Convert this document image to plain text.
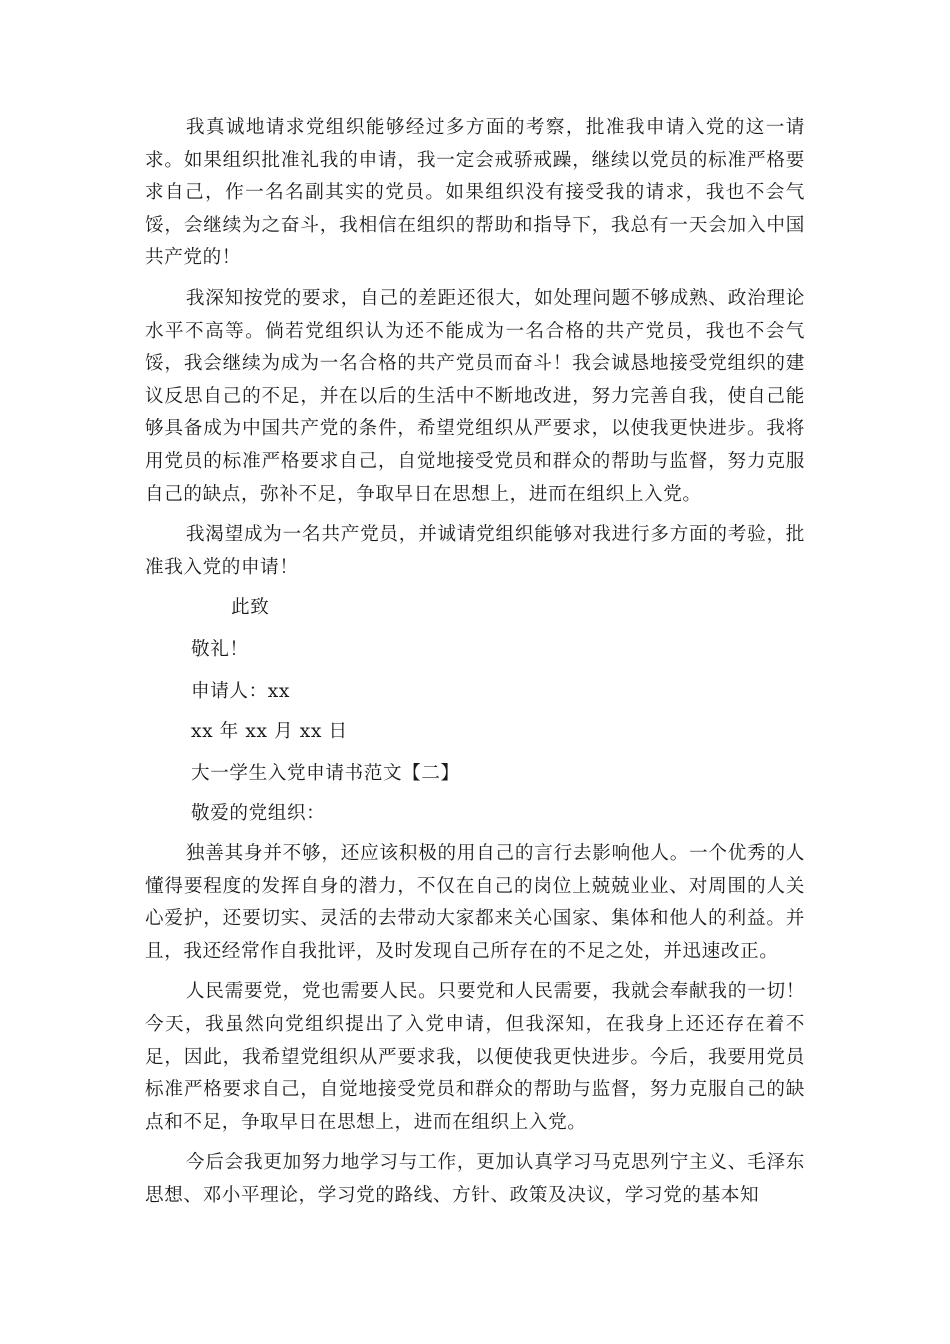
我真诚地请求党组织能够经过多方面的考察，批准我申请入党的这一请求。如果组织批准礼我的申请，我一定会戒骄戒躁，继续以党员的标准严格要求自己，作一名名副其实的党员。如果组织没有接受我的请求，我也不会气馁，会继续为之奋斗，我相信在组织的帮助和指导下，我总有一天会加入中国共产党的！

我深知按党的要求，自己的差距还很大，如处理问题不够成熟、政治理论水平不高等。倘若党组织认为还不能成为一名合格的共产党员，我也不会气馁，我会继续为成为一名合格的共产党员而奋斗！我会诚恳地接受党组织的建议反思自己的不足，并在以后的生活中不断地改进，努力完善自我，使自己能够具备成为中国共产党的条件，希望党组织从严要求，以使我更快进步。我将用党员的标准严格要求自己，自觉地接受党员和群众的帮助与监督，努力克服自己的缺点，弥补不足，争取早日在思想上，进而在组织上入党。

我渴望成为一名共产党员，并诚请党组织能够对我进行多方面的考验，批准我入党的申请！

此致
敬礼！
申请人：xx
xx 年 xx 月 xx 日
大一学生入党申请书范文【二】
敬爱的党组织：

独善其身并不够，还应该积极的用自己的言行去影响他人。一个优秀的人懂得要程度的发挥自身的潜力，不仅在自己的岗位上兢兢业业、对周围的人关心爱护，还要切实、灵活的去带动大家都来关心国家、集体和他人的利益。并且，我还经常作自我批评，及时发现自己所存在的不足之处，并迅速改正。

人民需要党，党也需要人民。只要党和人民需要，我就会奉献我的一切！今天，我虽然向党组织提出了入党申请，但我深知，在我身上还还存在着不足，因此，我希望党组织从严要求我，以便使我更快进步。今后，我要用党员标准严格要求自己，自觉地接受党员和群众的帮助与监督，努力克服自己的缺点和不足，争取早日在思想上，进而在组织上入党。

今后会我更加努力地学习与工作，更加认真学习马克思列宁主义、毛泽东思想、邓小平理论，学习党的路线、方针、政策及决议，学习党的基本知
